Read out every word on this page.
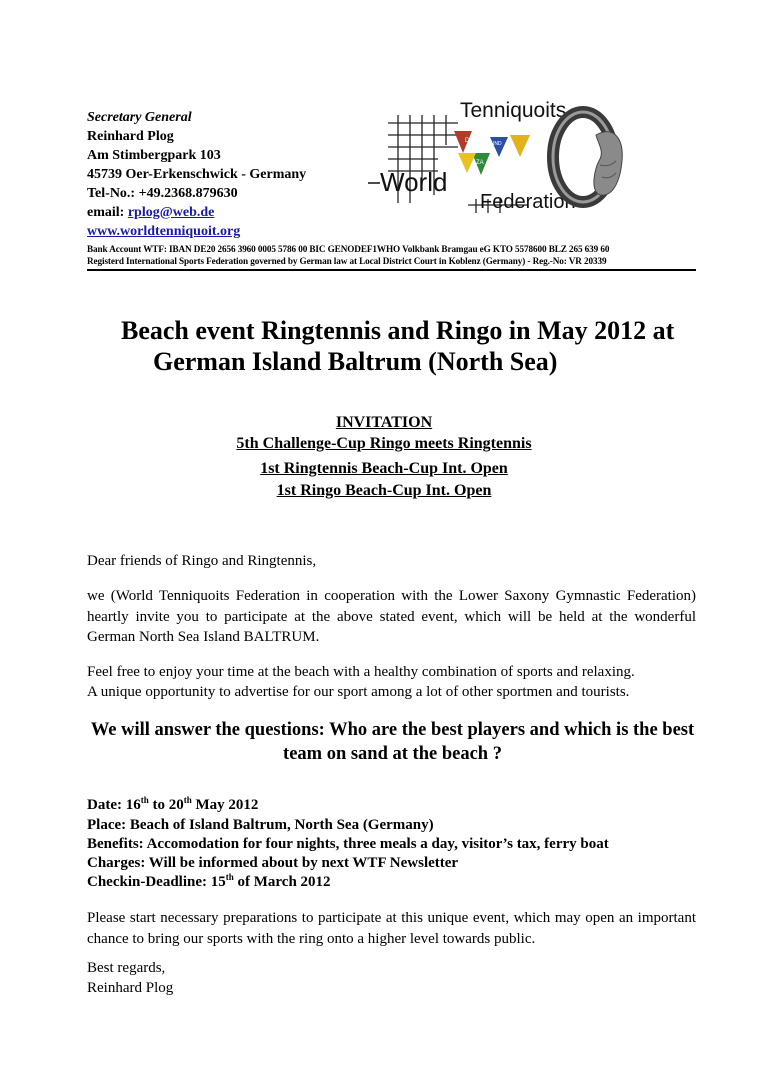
Secretary General
Reinhard Plog
Am Stimbergpark 103
45739 Oer-Erkenschwick - Germany
Tel-No.: +49.2368.879630
email: rplog@web.de
www.worldtenniquoit.org
Bank Account WTF: IBAN DE20 2656 3960 0005 5786 00 BIC GENODEF1WHO Volkbank Bramgau eG KTO 5578600 BLZ 265 639 60
Registerd International Sports Federation governed by German law at Local District Court in Koblenz (Germany) - Reg.-No: VR 20339
D
ZA
IND
Tenniquoits
World
Federation
Beach event Ringtennis and Ringo in May 2012 at
German Island Baltrum (North Sea)
INVITATION
5th Challenge-Cup Ringo meets Ringtennis
1st Ringtennis Beach-Cup Int. Open
1st Ringo Beach-Cup Int. Open
Dear friends of Ringo and Ringtennis,
we (World Tenniquoits Federation in cooperation with the Lower Saxony Gymnastic Federation) heartly invite you to participate at the above stated event, which will be held at the wonderful German North Sea Island BALTRUM.
Feel free to enjoy your time at the beach with a healthy combination of sports and relaxing.
A unique opportunity to advertise for our sport among a lot of other sportmen and tourists.
We will answer the questions: Who are the best players and which is the best team on sand at the beach ?
Date: 16th to 20th May 2012
Place: Beach of Island Baltrum, North Sea (Germany)
Benefits: Accomodation for four nights, three meals a day, visitor’s tax, ferry boat
Charges: Will be informed about by next WTF Newsletter
Checkin-Deadline: 15th of March 2012
Please start necessary preparations to participate at this unique event, which may open an important chance to bring our sports with the ring onto a higher level towards public.
Best regards,
Reinhard Plog
